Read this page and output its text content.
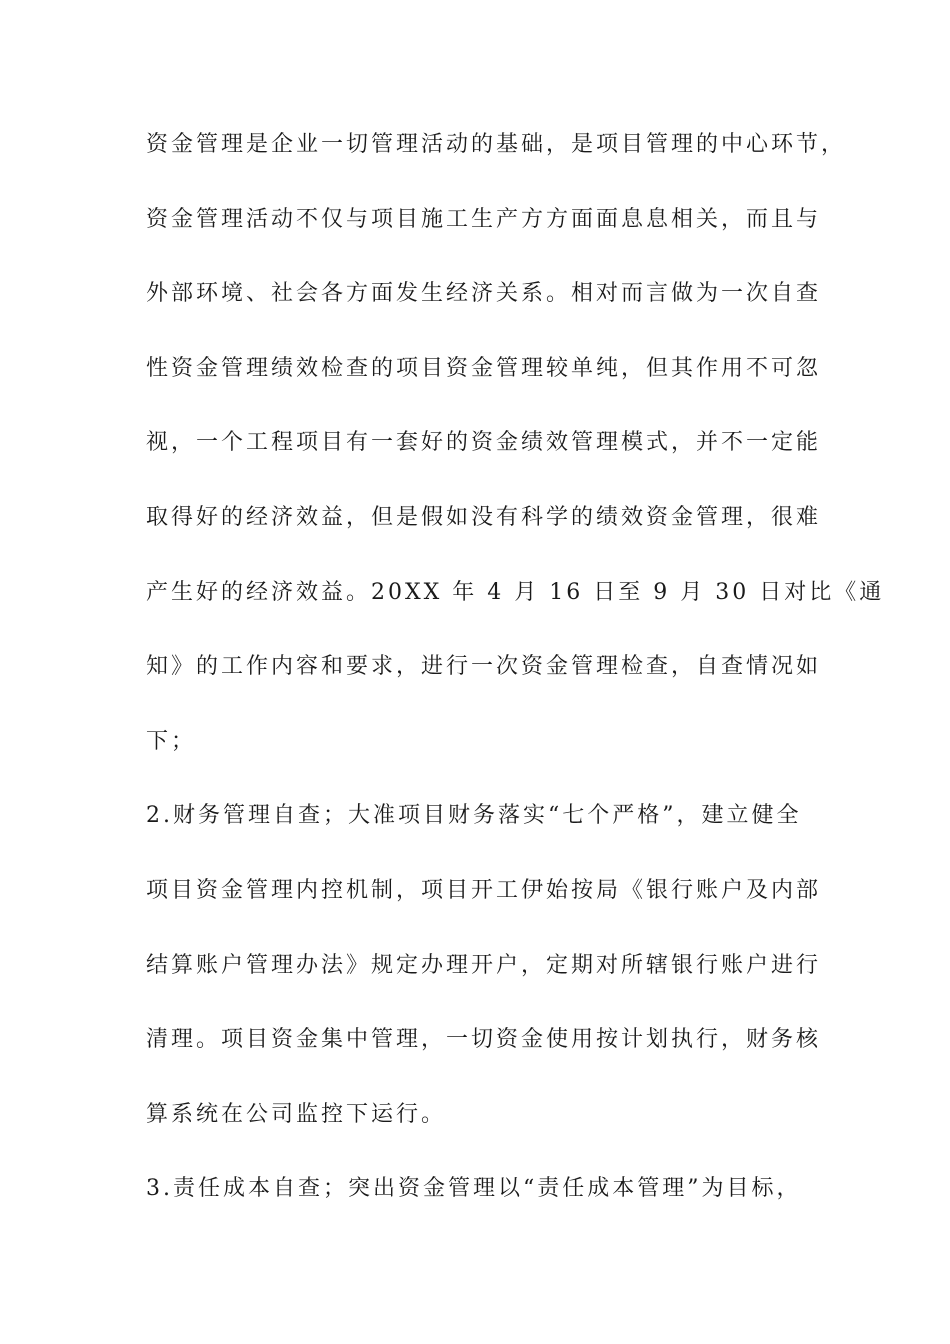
资金管理是企业一切管理活动的基础，是项目管理的中心环节，
资金管理活动不仅与项目施工生产方方面面息息相关，而且与
外部环境、社会各方面发生经济关系。相对而言做为一次自查
性资金管理绩效检查的项目资金管理较单纯，但其作用不可忽
视，一个工程项目有一套好的资金绩效管理模式，并不一定能
取得好的经济效益，但是假如没有科学的绩效资金管理，很难
产生好的经济效益。20XX 年 4 月 16 日至 9 月 30 日对比《通
知》的工作内容和要求，进行一次资金管理检查，自查情况如
下；
2.财务管理自查；大准项目财务落实“七个严格”，建立健全
项目资金管理内控机制，项目开工伊始按局《银行账户及内部
结算账户管理办法》规定办理开户，定期对所辖银行账户进行
清理。项目资金集中管理，一切资金使用按计划执行，财务核
算系统在公司监控下运行。
3.责任成本自查；突出资金管理以“责任成本管理”为目标，
